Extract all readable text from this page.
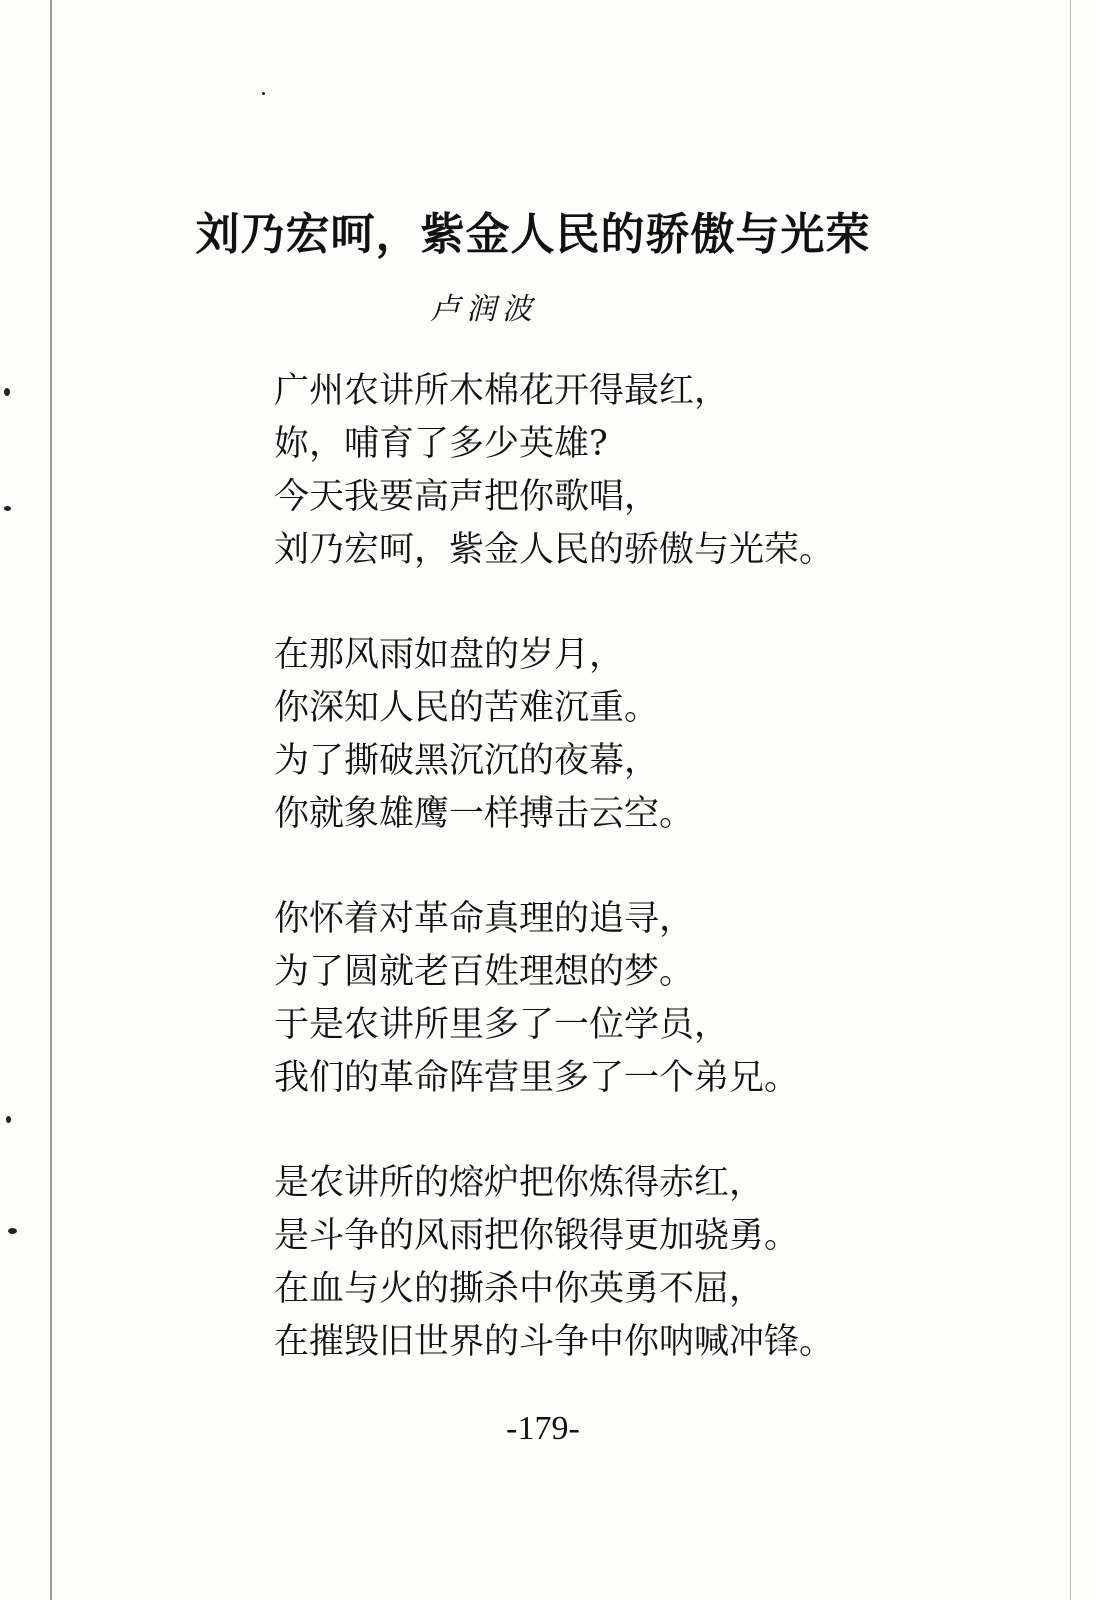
刘乃宏呵，紫金人民的骄傲与光荣
卢润波
广州农讲所木棉花开得最红，
妳，哺育了多少英雄?
今天我要高声把你歌唱，
刘乃宏呵，紫金人民的骄傲与光荣。
在那风雨如盘的岁月，
你深知人民的苦难沉重。
为了撕破黑沉沉的夜幕，
你就象雄鹰一样搏击云空。
你怀着对革命真理的追寻，
为了圆就老百姓理想的梦。
于是农讲所里多了一位学员，
我们的革命阵营里多了一个弟兄。
是农讲所的熔炉把你炼得赤红，
是斗争的风雨把你锻得更加骁勇。
在血与火的撕杀中你英勇不屈，
在摧毁旧世界的斗争中你呐喊冲锋。
-179-
